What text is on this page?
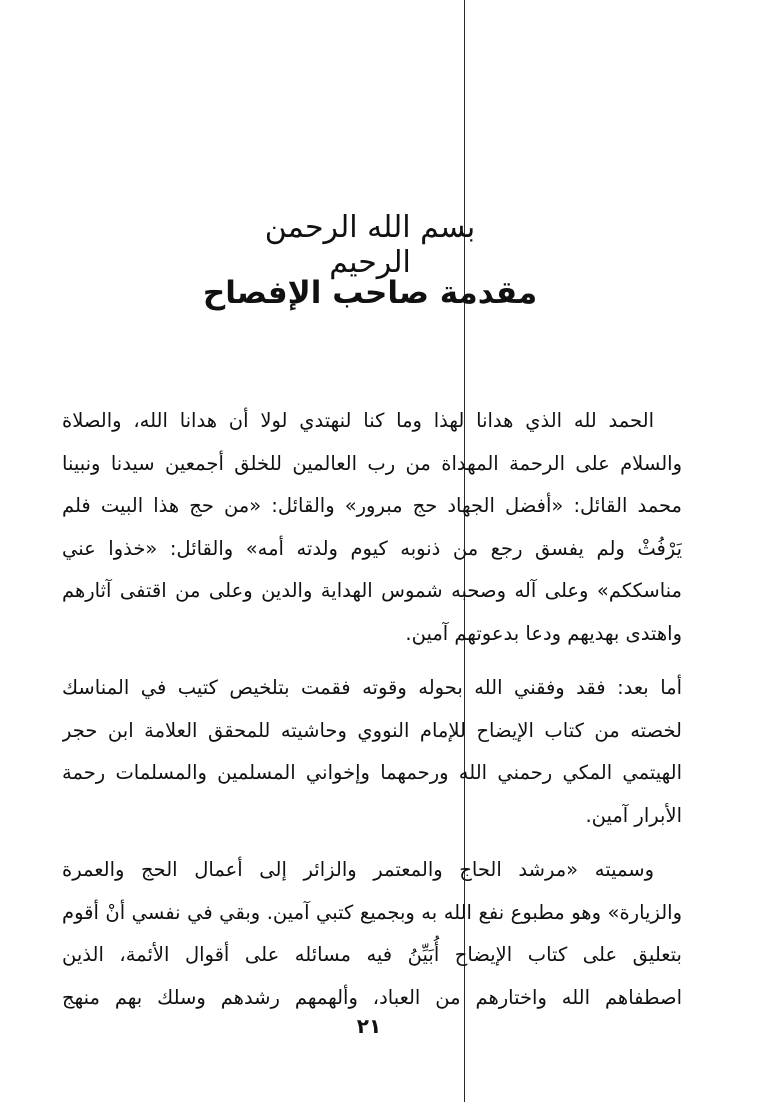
بسم الله الرحمن الرحيم
مقدمة صاحب الإفصاح
الحمد لله الذي هدانا لهذا وما كنا لنهتدي لولا أن هدانا الله، والصلاة
والسلام على الرحمة المهداة من رب العالمين للخلق أجمعين سيدنا ونبينا
محمد القائل: «أفضل الجهاد حج مبرور» والقائل: «من حج هذا البيت فلم
يَرْفُثْ ولم يفسق رجع من ذنوبه كيوم ولدته أمه» والقائل: «خذوا عني
مناسككم» وعلى آله وصحبه شموس الهداية والدين وعلى من اقتفى آثارهم
واهتدى بهديهم ودعا بدعوتهم آمين.
أما بعد: فقد وفقني الله بحوله وقوته فقمت بتلخيص كتيب في المناسك
لخصته من كتاب الإيضاح للإمام النووي وحاشيته للمحقق العلامة ابن حجر
الهيتمي المكي رحمني الله ورحمهما وإخواني المسلمين والمسلمات رحمة
الأبرار آمين.
وسميته «مرشد الحاج والمعتمر والزائر إلى أعمال الحج والعمرة
والزيارة» وهو مطبوع نفع الله به وبجميع كتبي آمين. وبقي في نفسي أنْ أقوم
بتعليق على كتاب الإيضاح أُبَيِّنُ فيه مسائله على أقوال الأئمة، الذين
اصطفاهم الله واختارهم من العباد، وألهمهم رشدهم وسلك بهم منهج
٢١
